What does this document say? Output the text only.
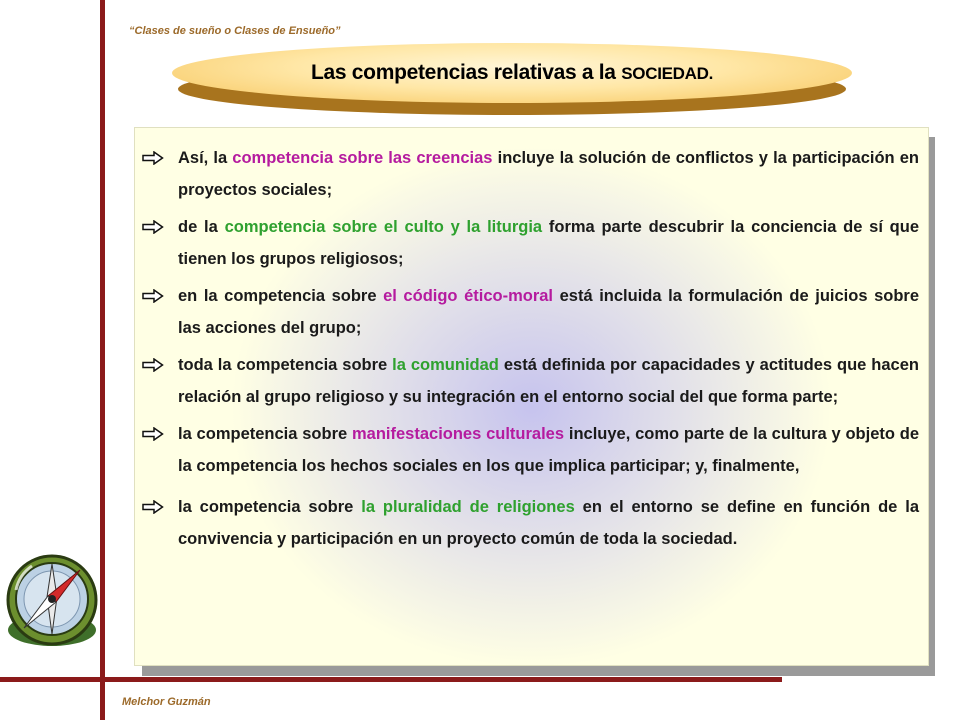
“Clases de sueño o Clases de Ensueño”
Las competencias relativas a la SOCIEDAD.

Así, la competencia sobre las creencias incluye la solución de conflictos y la participación en proyectos sociales;

de la competencia sobre el culto y la liturgia forma parte descubrir la conciencia de sí que tienen los grupos religiosos;

en la competencia sobre el código ético-moral está incluida la formulación de juicios sobre las acciones del grupo;

toda la competencia sobre la comunidad está definida por capacidades y actitudes que hacen relación al grupo religioso y su integración en el entorno social del que forma parte;

la competencia sobre manifestaciones culturales incluye, como parte de la cultura y objeto de la competencia los hechos sociales en los que implica participar; y, finalmente,

la competencia sobre la pluralidad de religiones en el entorno se define en función de la convivencia y participación en un proyecto común de toda la sociedad.

Melchor Guzmán
